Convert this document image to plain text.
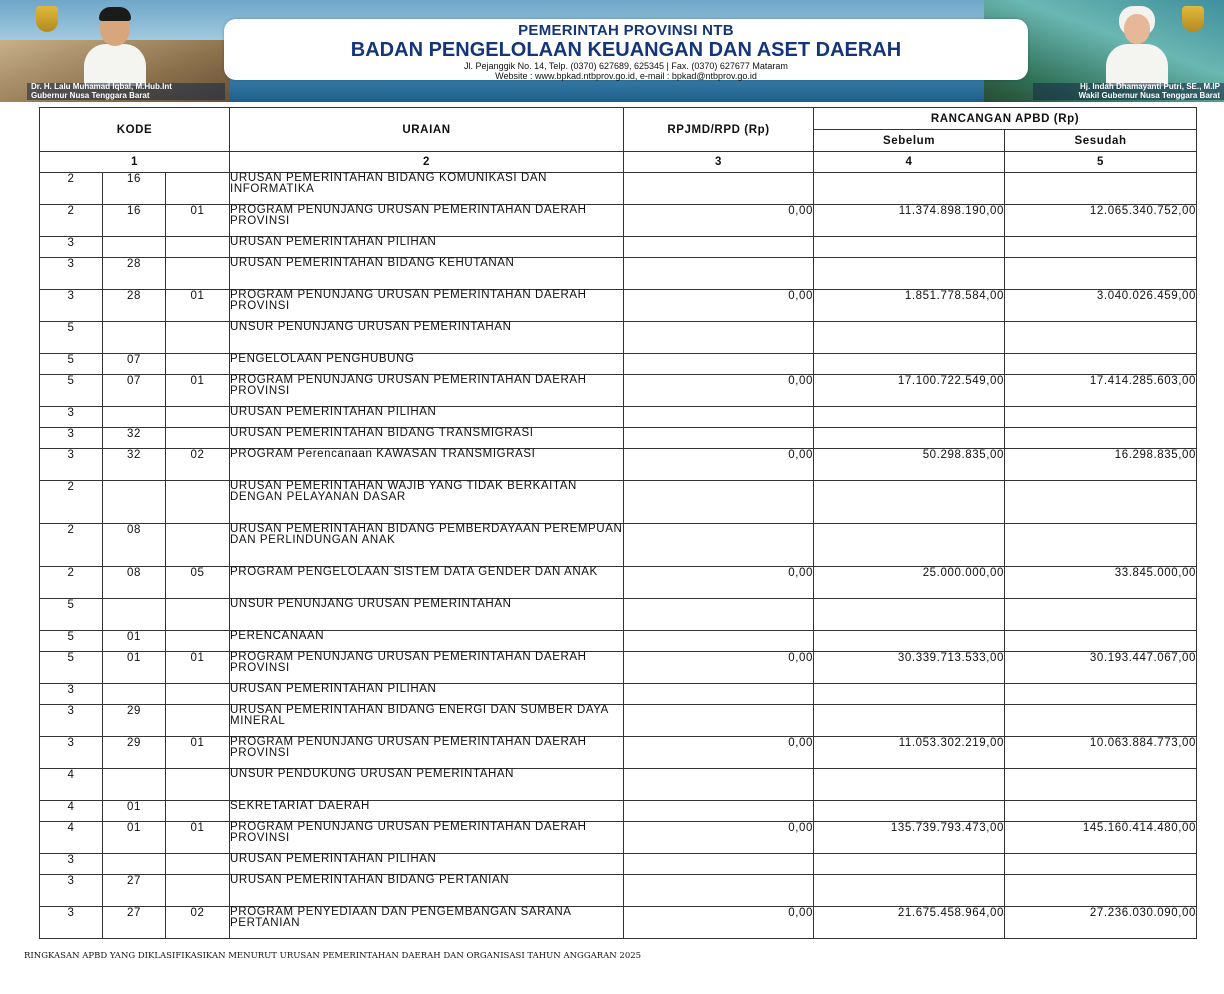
PEMERINTAH PROVINSI NTB
BADAN PENGELOLAAN KEUANGAN DAN ASET DAERAH
Jl. Pejanggik No. 14, Telp. (0370) 627689, 625345 | Fax. (0370) 627677 Mataram
Website : www.bpkad.ntbprov.go.id, e-mail : bpkad@ntbprov.go.id
Dr. H. Lalu Muhamad Iqbal, M.Hub.Int
Gubernur Nusa Tenggara Barat
Hj. Indah Dhamayanti Putri, SE., M.IP
Wakil Gubernur Nusa Tenggara Barat
KODE			URAIAN	RPJMD/RPD (Rp)	RANCANGAN APBD (Rp)	
					Sebelum	Sesudah
1			2	3	4	5
2	16		URUSAN PEMERINTAHAN BIDANG KOMUNIKASI DAN INFORMATIKA			
2	16	01	PROGRAM PENUNJANG URUSAN PEMERINTAHAN DAERAH PROVINSI	0,00	11.374.898.190,00	12.065.340.752,00
3			URUSAN PEMERINTAHAN PILIHAN			
3	28		URUSAN PEMERINTAHAN BIDANG KEHUTANAN			
3	28	01	PROGRAM PENUNJANG URUSAN PEMERINTAHAN DAERAH PROVINSI	0,00	1.851.778.584,00	3.040.026.459,00
5			UNSUR PENUNJANG URUSAN PEMERINTAHAN			
5	07		PENGELOLAAN PENGHUBUNG			
5	07	01	PROGRAM PENUNJANG URUSAN PEMERINTAHAN DAERAH PROVINSI	0,00	17.100.722.549,00	17.414.285.603,00
3			URUSAN PEMERINTAHAN PILIHAN			
3	32		URUSAN PEMERINTAHAN BIDANG TRANSMIGRASI			
3	32	02	PROGRAM Perencanaan KAWASAN TRANSMIGRASI	0,00	50.298.835,00	16.298.835,00
2			URUSAN PEMERINTAHAN WAJIB YANG TIDAK BERKAITAN DENGAN PELAYANAN DASAR			
2	08		URUSAN PEMERINTAHAN BIDANG PEMBERDAYAAN PEREMPUAN DAN PERLINDUNGAN ANAK			
2	08	05	PROGRAM PENGELOLAAN SISTEM DATA GENDER DAN ANAK	0,00	25.000.000,00	33.845.000,00
5			UNSUR PENUNJANG URUSAN PEMERINTAHAN			
5	01		PERENCANAAN			
5	01	01	PROGRAM PENUNJANG URUSAN PEMERINTAHAN DAERAH PROVINSI	0,00	30.339.713.533,00	30.193.447.067,00
3			URUSAN PEMERINTAHAN PILIHAN			
3	29		URUSAN PEMERINTAHAN BIDANG ENERGI DAN SUMBER DAYA MINERAL			
3	29	01	PROGRAM PENUNJANG URUSAN PEMERINTAHAN DAERAH PROVINSI	0,00	11.053.302.219,00	10.063.884.773,00
4			UNSUR PENDUKUNG URUSAN PEMERINTAHAN			
4	01		SEKRETARIAT DAERAH			
4	01	01	PROGRAM PENUNJANG URUSAN PEMERINTAHAN DAERAH PROVINSI	0,00	135.739.793.473,00	145.160.414.480,00
3			URUSAN PEMERINTAHAN PILIHAN			
3	27		URUSAN PEMERINTAHAN BIDANG PERTANIAN			
3	27	02	PROGRAM PENYEDIAAN DAN PENGEMBANGAN SARANA PERTANIAN	0,00	21.675.458.964,00	27.236.030.090,00
RINGKASAN APBD YANG DIKLASIFIKASIKAN MENURUT URUSAN PEMERINTAHAN DAERAH DAN ORGANISASI TAHUN ANGGARAN 2025
